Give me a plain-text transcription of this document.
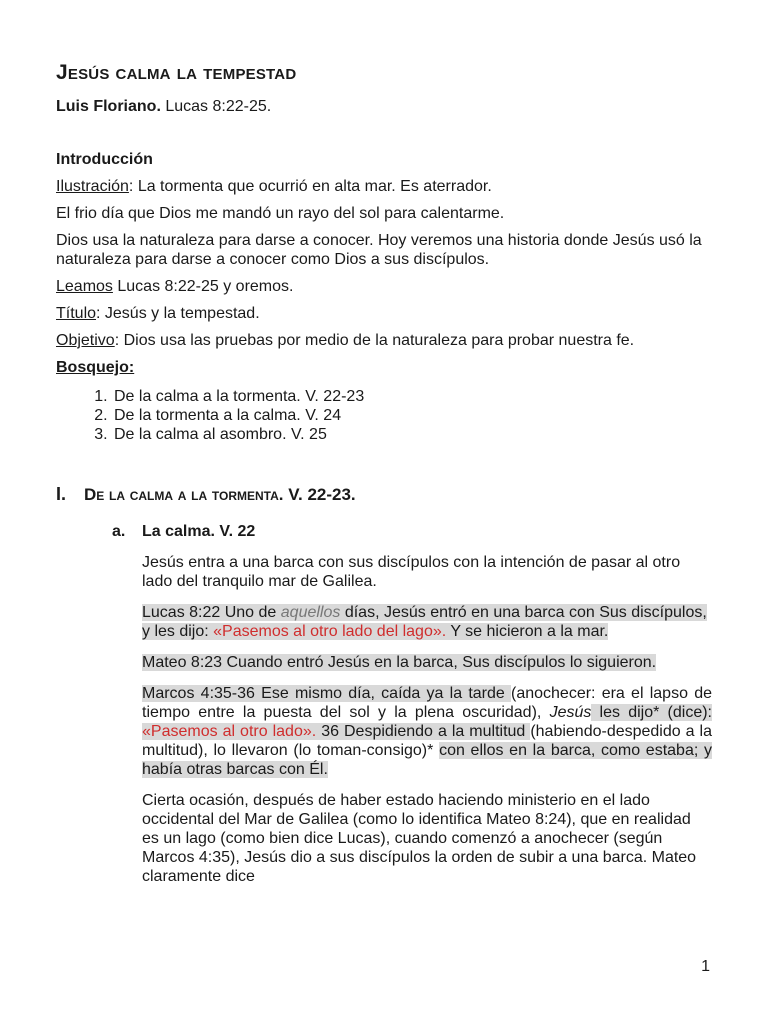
Jesús calma la tempestad
Luis Floriano. Lucas 8:22-25.

Introducción

Ilustración: La tormenta que ocurrió en alta mar. Es aterrador.

El frio día que Dios me mandó un rayo del sol para calentarme.

Dios usa la naturaleza para darse a conocer. Hoy veremos una historia donde Jesús usó la naturaleza para darse a conocer como Dios a sus discípulos.

Leamos Lucas 8:22-25 y oremos.

Título: Jesús y la tempestad.

Objetivo: Dios usa las pruebas por medio de la naturaleza para probar nuestra fe.

Bosquejo:

1. De la calma a la tormenta. V. 22-23
2. De la tormenta a la calma. V. 24
3. De la calma al asombro. V. 25
I.	De la calma a la tormenta. V. 22-23.
a.	La calma. V. 22

Jesús entra a una barca con sus discípulos con la intención de pasar al otro lado del tranquilo mar de Galilea.

Lucas 8:22 Uno de aquellos días, Jesús entró en una barca con Sus discípulos, y les dijo: «Pasemos al otro lado del lago». Y se hicieron a la mar.

Mateo 8:23 Cuando entró Jesús en la barca, Sus discípulos lo siguieron.

Marcos 4:35-36 Ese mismo día, caída ya la tarde (anochecer: era el lapso de tiempo entre la puesta del sol y la plena oscuridad), Jesús les dijo* (dice): «Pasemos al otro lado». 36 Despidiendo a la multitud (habiendo-despedido a la multitud), lo llevaron (lo toman-consigo)* con ellos en la barca, como estaba; y había otras barcas con Él.

Cierta ocasión, después de haber estado haciendo ministerio en el lado occidental del Mar de Galilea (como lo identifica Mateo 8:24), que en realidad es un lago (como bien dice Lucas), cuando comenzó a anochecer (según Marcos 4:35), Jesús dio a sus discípulos la orden de subir a una barca. Mateo claramente dice

1
